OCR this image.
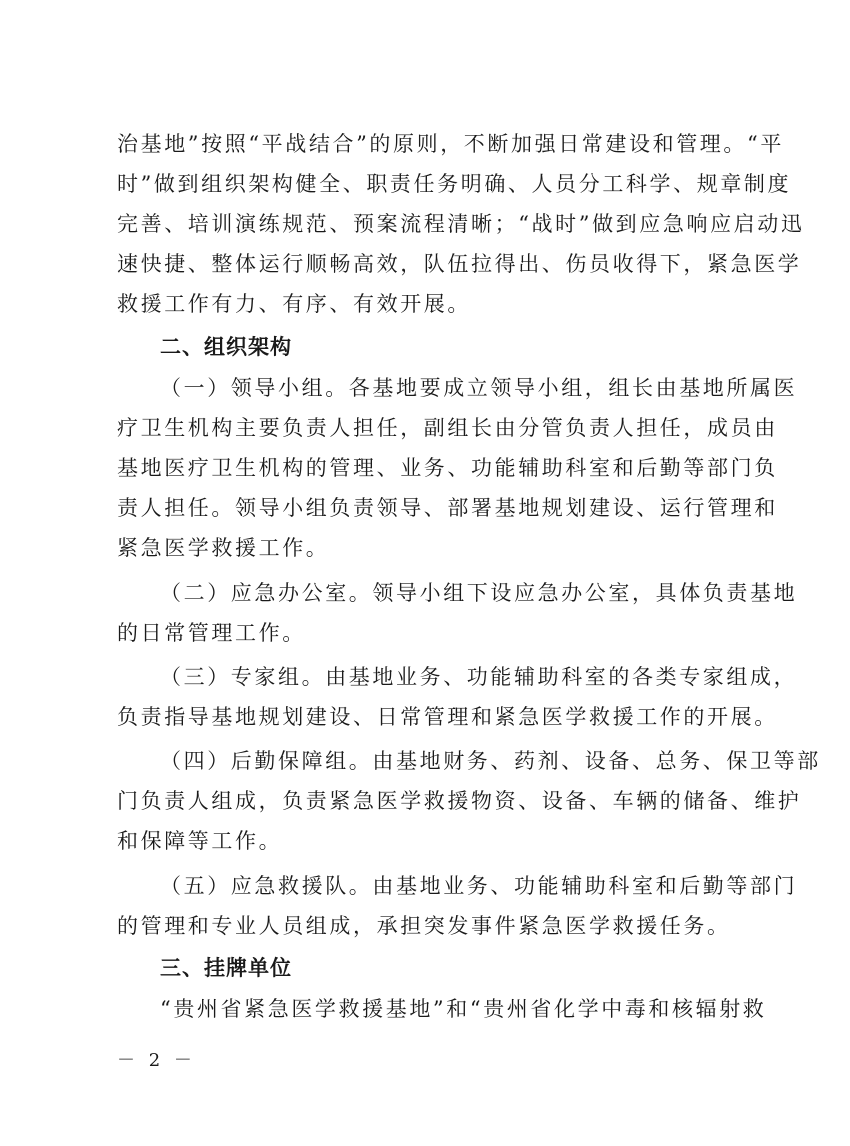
治基地”按照“平战结合”的原则，不断加强日常建设和管理。“平
时”做到组织架构健全、职责任务明确、人员分工科学、规章制度
完善、培训演练规范、预案流程清晰；“战时”做到应急响应启动迅
速快捷、整体运行顺畅高效，队伍拉得出、伤员收得下，紧急医学
救援工作有力、有序、有效开展。
二、组织架构
（一）领导小组。各基地要成立领导小组，组长由基地所属医
疗卫生机构主要负责人担任，副组长由分管负责人担任，成员由
基地医疗卫生机构的管理、业务、功能辅助科室和后勤等部门负
责人担任。领导小组负责领导、部署基地规划建设、运行管理和
紧急医学救援工作。
（二）应急办公室。领导小组下设应急办公室，具体负责基地
的日常管理工作。
（三）专家组。由基地业务、功能辅助科室的各类专家组成，
负责指导基地规划建设、日常管理和紧急医学救援工作的开展。
（四）后勤保障组。由基地财务、药剂、设备、总务、保卫等部
门负责人组成，负责紧急医学救援物资、设备、车辆的储备、维护
和保障等工作。
（五）应急救援队。由基地业务、功能辅助科室和后勤等部门
的管理和专业人员组成，承担突发事件紧急医学救援任务。
三、挂牌单位
“贵州省紧急医学救援基地”和“贵州省化学中毒和核辐射救
－ 2 －
